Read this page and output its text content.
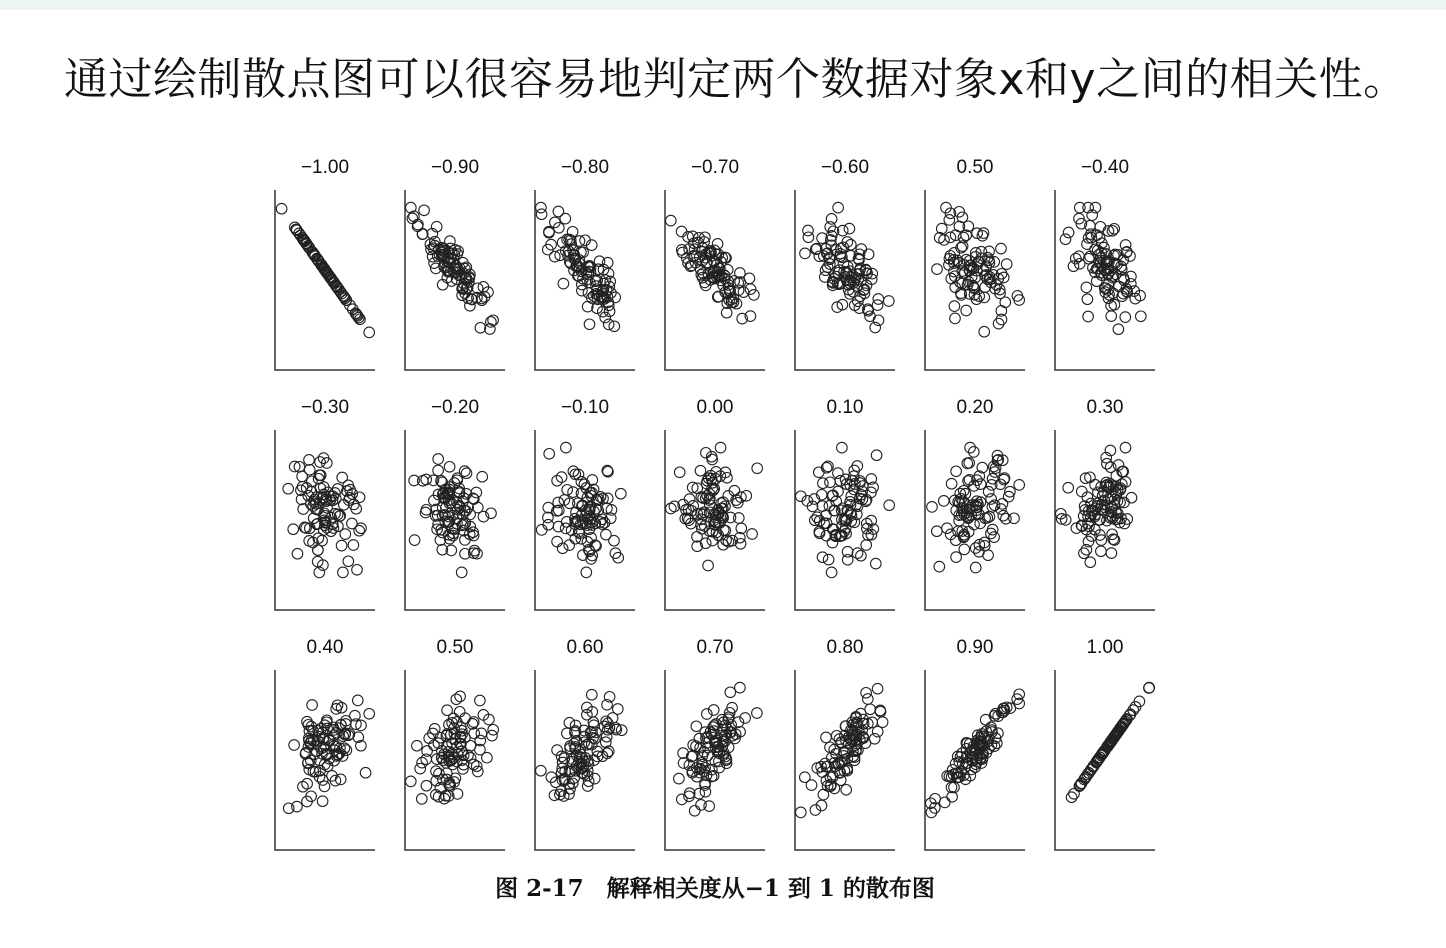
通过绘制散点图可以很容易地判定两个数据对象x和y之间的相关性。
−1.00	−0.90	−0.80	−0.70	−0.60	0.50	−0.40
−0.30	−0.20	−0.10	0.00	0.10	0.20	0.30
0.40	0.50	0.60	0.70	0.80	0.90	1.00
图 2-17　解释相关度从−1 到 1 的散布图
